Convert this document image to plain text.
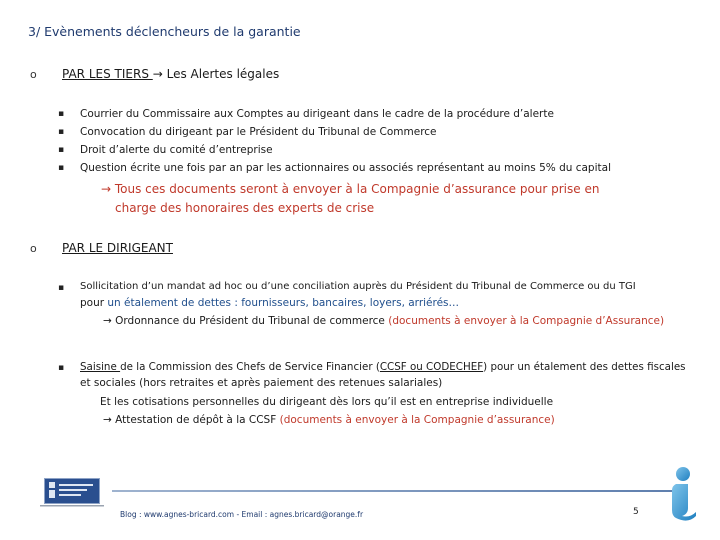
3/ Evènements déclencheurs de la garantie
o PAR LES TIERS → Les Alertes légales
▪ Courrier du Commissaire aux Comptes au dirigeant dans le cadre de la procédure d’alerte
▪ Convocation du dirigeant par le Président du Tribunal de Commerce
▪ Droit d’alerte du comité d’entreprise
▪ Question écrite une fois par an par les actionnaires ou associés représentant au moins 5% du capital
→ Tous ces documents seront à envoyer à la Compagnie d’assurance pour prise en
charge des honoraires des experts de crise
o PAR LE DIRIGEANT
▪ Sollicitation d’un mandat ad hoc ou d’une conciliation auprès du Président du Tribunal de Commerce ou du TGI
pour un étalement de dettes : fournisseurs, bancaires, loyers, arriérés…
→ Ordonnance du Président du Tribunal de commerce (documents à envoyer à la Compagnie d’Assurance)
▪ Saisine de la Commission des Chefs de Service Financier (CCSF ou CODECHEF) pour un étalement des dettes fiscales
et sociales (hors retraites et après paiement des retenues salariales)
Et les cotisations personnelles du dirigeant dès lors qu’il est en entreprise individuelle
→ Attestation de dépôt à la CCSF (documents à envoyer à la Compagnie d’assurance)
Blog : www.agnes-bricard.com - Email : agnes.bricard@orange.fr	5
